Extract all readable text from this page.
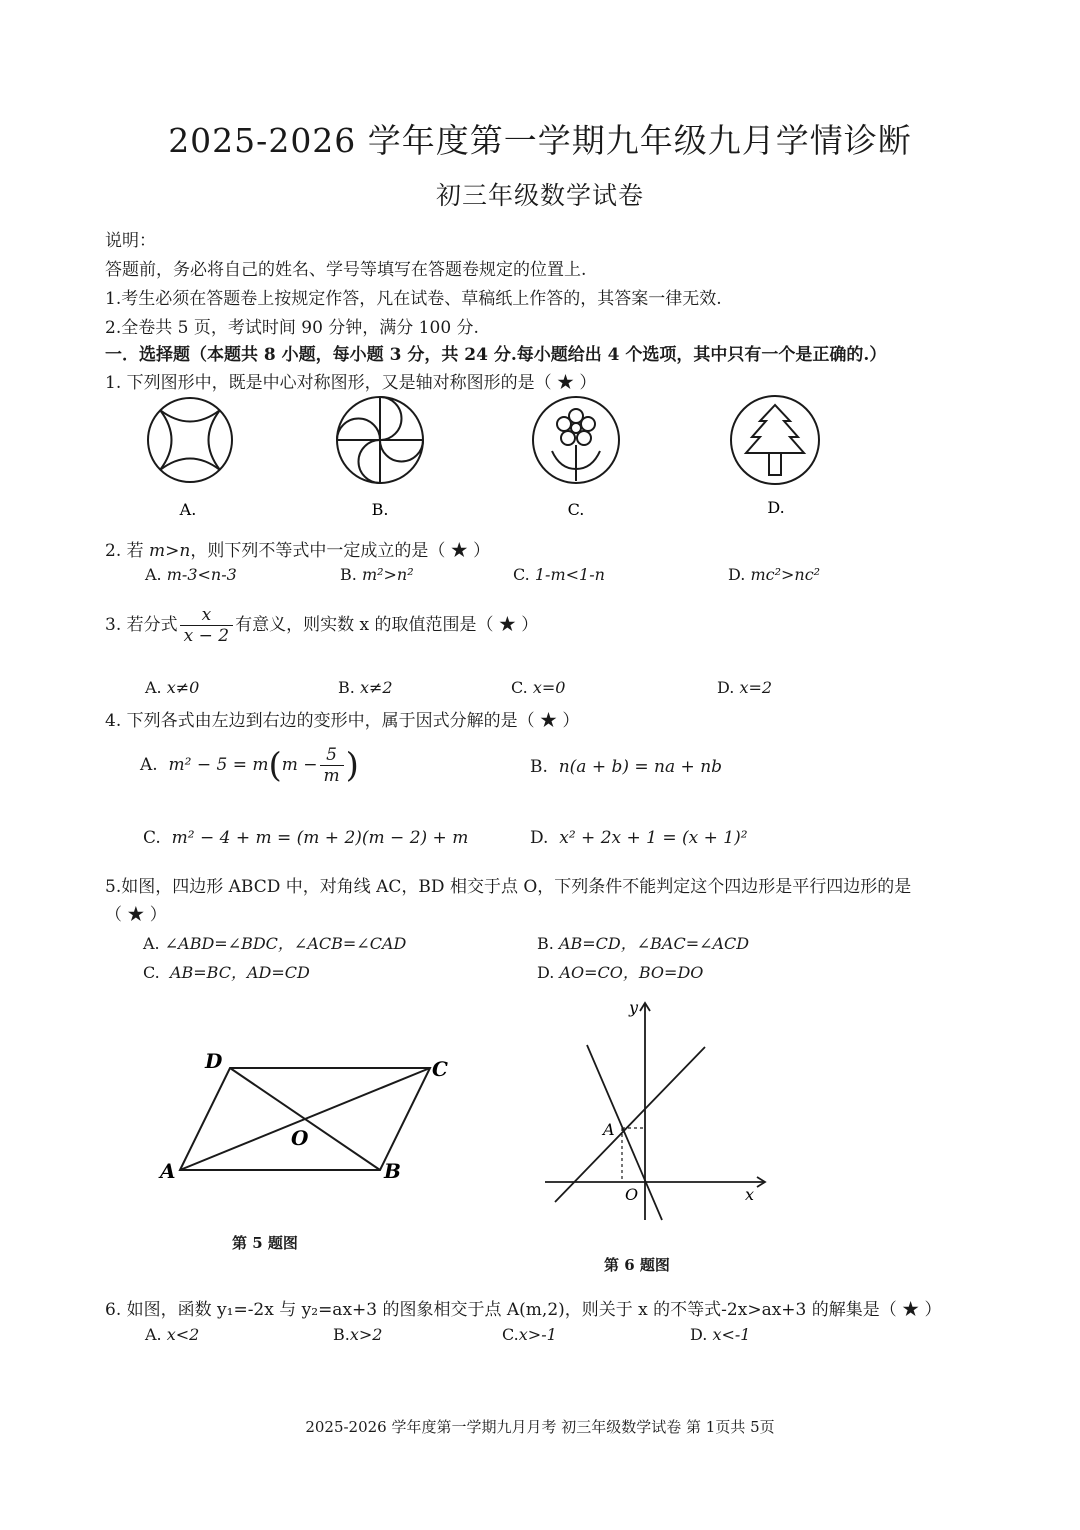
2025-2026 学年度第一学期九年级九月学情诊断
初三年级数学试卷
说明：
答题前，务必将自己的姓名、学号等填写在答题卷规定的位置上.
1.考生必须在答题卷上按规定作答，凡在试卷、草稿纸上作答的，其答案一律无效.
2.全卷共 5 页，考试时间 90 分钟，满分 100 分.
一．选择题（本题共 8 小题，每小题 3 分，共 24 分.每小题给出 4 个选项，其中只有一个是正确的.）
1. 下列图形中，既是中心对称图形，又是轴对称图形的是（ ★ ）
A.	B.	C.	D.
2. 若 m>n，则下列不等式中一定成立的是（ ★ ）
A. m-3<n-3	B. m²>n²	C. 1-m<1-n	D. mc²>nc²
3. 若分式 $\frac{x}{x - 2}$ 有意义，则实数 x 的取值范围是（ ★ ）
A. x≠0	B. x≠2	C. x=0	D. x=2
4. 下列各式由左边到右边的变形中，属于因式分解的是（ ★ ）
A. $m^2 - 5 = m(m - \frac{5}{m}$ )	B. n(a + b) = na + nb
C. m² − 4 + m = (m + 2)(m − 2) + m	D. x² + 2x + 1 = (x + 1)²
5.如图，四边形 ABCD 中，对角线 AC，BD 相交于点 O，下列条件不能判定这个四边形是平行四边形的是
（ ★ ）
A. ∠ABD=∠BDC，∠ACB=∠CAD	B. AB=CD，∠BAC=∠ACD
C. AB=BC，AD=CD	D. AO=CO，BO=DO
D	C
A	B
O
第 5 题图
y
x
O
A
第 6 题图
6. 如图，函数 y₁=-2x 与 y₂=ax+3 的图象相交于点 A(m,2)，则关于 x 的不等式-2x>ax+3 的解集是（ ★ ）
A. x<2	B.x>2	C.x>-1	D. x<-1
2025-2026 学年度第一学期九月月考 初三年级数学试卷 第 1页共 5页
